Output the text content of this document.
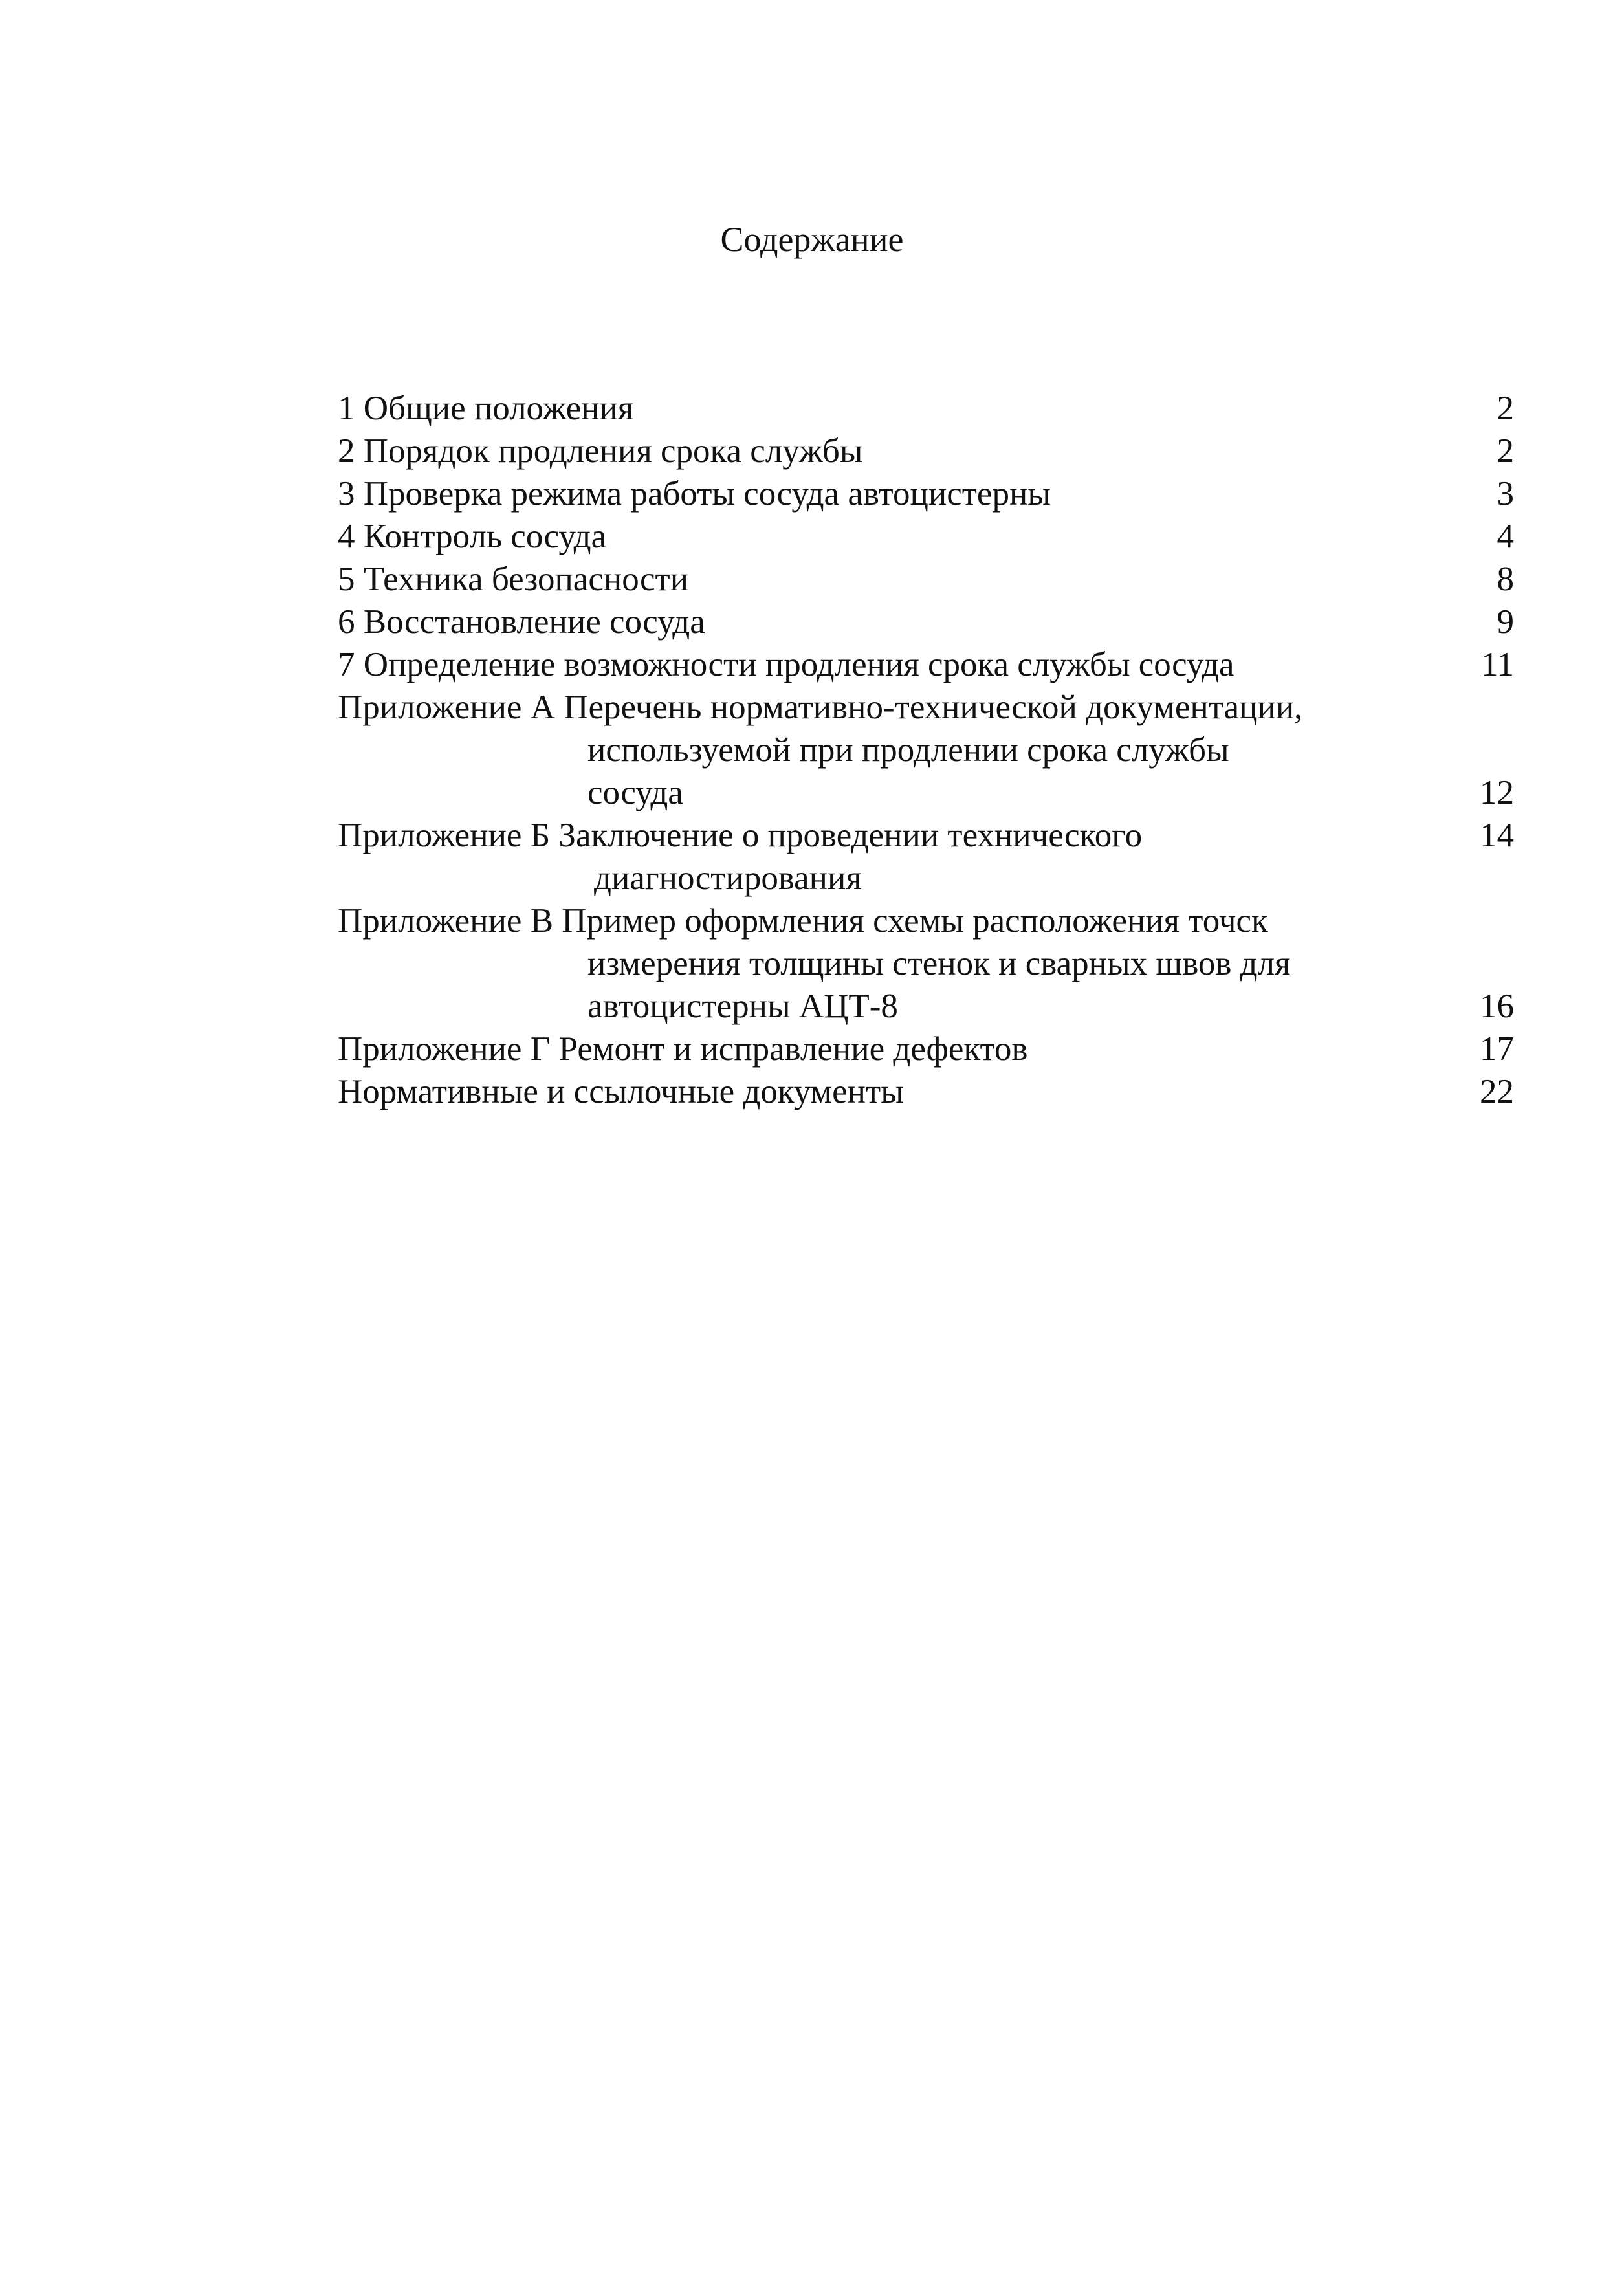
Содержание
1 Общие положения	2
2 Порядок продления срока службы	2
3 Проверка режима работы сосуда автоцистерны	3
4 Контроль сосуда	4
5 Техника безопасности	8
6 Восстановление сосуда	9
7 Определение возможности продления срока службы сосуда	11
Приложение А Перечень нормативно-технической документации,
используемой при продлении срока службы
сосуда	12
Приложение Б Заключение о проведении технического	14
диагностирования
Приложение В Пример оформления схемы расположения точск
измерения толщины стенок и сварных швов для
автоцистерны АЦТ-8	16
Приложение Г Ремонт и исправление дефектов	17
Нормативные и ссылочные документы	22
